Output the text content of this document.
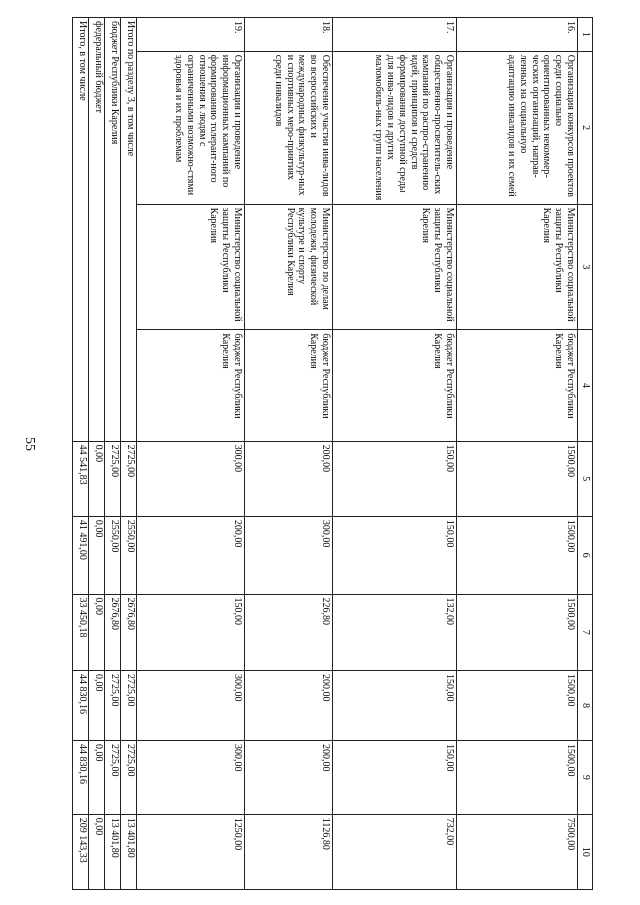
55
1	2	3	4	5	6	7	8	9	10
16.	Организация конкурсов проектов среди социально ориентированных некоммер-ческих организаций, направ-ленных на социальную адаптацию инвалидов и их семей	Министерство социальной защиты Республики Карелия	бюджет Республики Карелия	1500,00	1500,00	1500,00	1500,00	1500,00	7500,00
17.	Организация и проведение общественно-просветитель-ских кампаний по распро-странению идей, принципов и средств формирования доступной среды для инва-лидов и других маломобиль-ных групп населения	Министерство социальной защиты Республики Карелия	бюджет Республики Карелия	150,00	150,00	132,00	150,00	150,00	732,00
18.	Обеспечение участия инва-лидов во всероссийских и международных физкультур-ных и спортивных меро-приятиях среди инвалидов	Министерство по делам молодежи, физической культуре и спорту Республики Карелия	бюджет Республики Карелия	200,00	300,00	226,80	200,00	200,00	1126,80
19.	Организация и проведение информационных кампаний по формированию толерант-ного отношения к людям с ограниченными возможно-стями здоровья и их проблемам	Министерство социальной защиты Республики Карелия	бюджет Республики Карелия	300,00	200,00	150,00	300,00	300,00	1250,00
Итого по разделу 3, в том числе				2725,00	2550,00	2676,80	2725,00	2725,00	13 401,80
бюджет Республики Карелия				2725,00	2550,00	2676,80	2725,00	2725,00	13 401,80
федеральный бюджет				0,00	0,00	0,00	0,00	0,00	0,00
Итого, в том числе				44 541,83	41 491,00	33 450,18	44 830,16	44 830,16	209 143,33
